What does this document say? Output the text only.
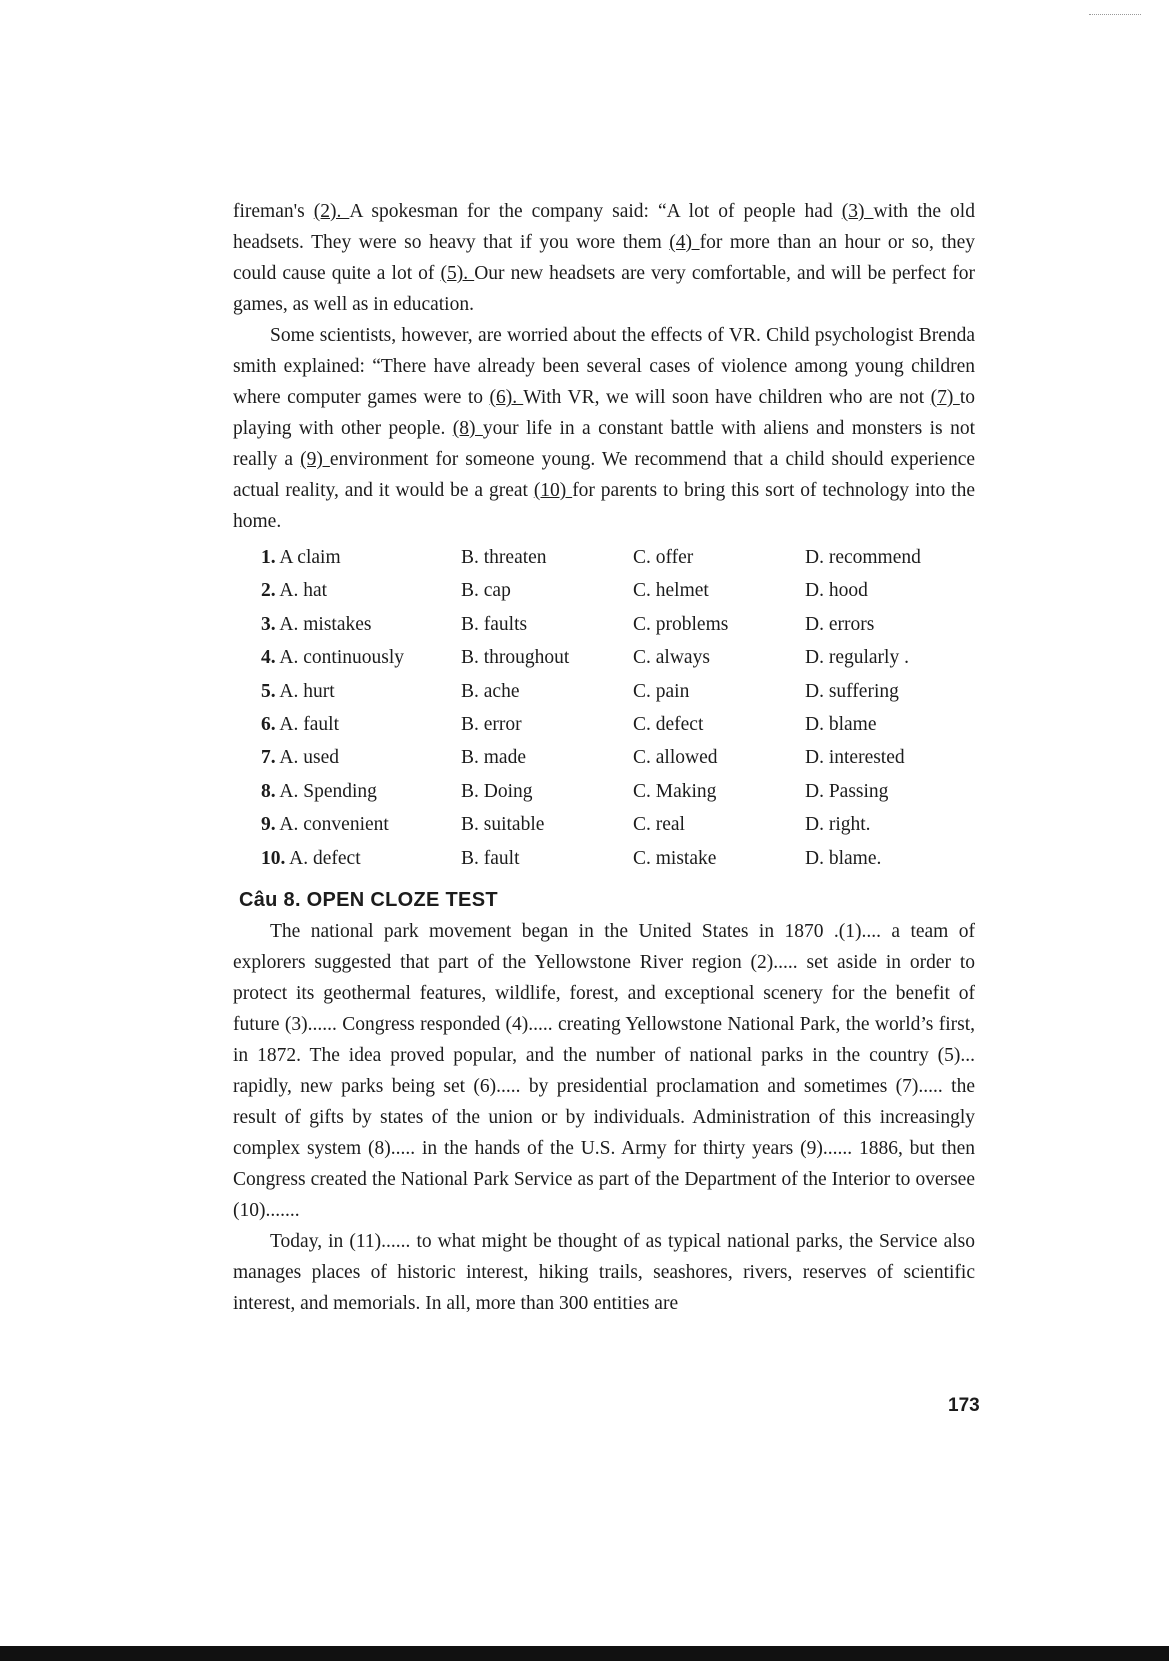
fireman's (2). A spokesman for the company said: “A lot of people had (3) with the old headsets. They were so heavy that if you wore them (4) for more than an hour or so, they could cause quite a lot of (5). Our new headsets are very comfortable, and will be perfect for games, as well as in education.

Some scientists, however, are worried about the effects of VR. Child psychologist Brenda smith explained: “There have already been several cases of violence among young children where computer games were to (6). With VR, we will soon have children who are not (7) to playing with other people. (8) your life in a constant battle with aliens and monsters is not really a (9) environment for someone young. We recommend that a child should experience actual reality, and it would be a great (10) for parents to bring this sort of technology into the home.

1. A claim	B. threaten	C. offer	D. recommend
2. A. hat	B. cap	C. helmet	D. hood
3. A. mistakes	B. faults	C. problems	D. errors
4. A. continuously	B. throughout	C. always	D. regularly .
5. A. hurt	B. ache	C. pain	D. suffering
6. A. fault	B. error	C. defect	D. blame
7. A. used	B. made	C. allowed	D. interested
8. A. Spending	B. Doing	C. Making	D. Passing
9. A. convenient	B. suitable	C. real	D. right.
10. A. defect	B. fault	C. mistake	D. blame.
Câu 8. OPEN CLOZE TEST

The national park movement began in the United States in 1870 .(1).... a team of explorers suggested that part of the Yellowstone River region (2)..... set aside in order to protect its geothermal features, wildlife, forest, and exceptional scenery for the benefit of future (3)...... Congress responded (4)..... creating Yellowstone National Park, the world’s first, in 1872. The idea proved popular, and the number of national parks in the country (5)... rapidly, new parks being set (6)..... by presidential proclamation and sometimes (7)..... the result of gifts by states of the union or by individuals. Administration of this increasingly complex system (8)..... in the hands of the U.S. Army for thirty years (9)...... 1886, but then Congress created the National Park Service as part of the Department of the Interior to oversee (10).......

Today, in (11)...... to what might be thought of as typical national parks, the Service also manages places of historic interest, hiking trails, seashores, rivers, reserves of scientific interest, and memorials. In all, more than 300 entities are

173
